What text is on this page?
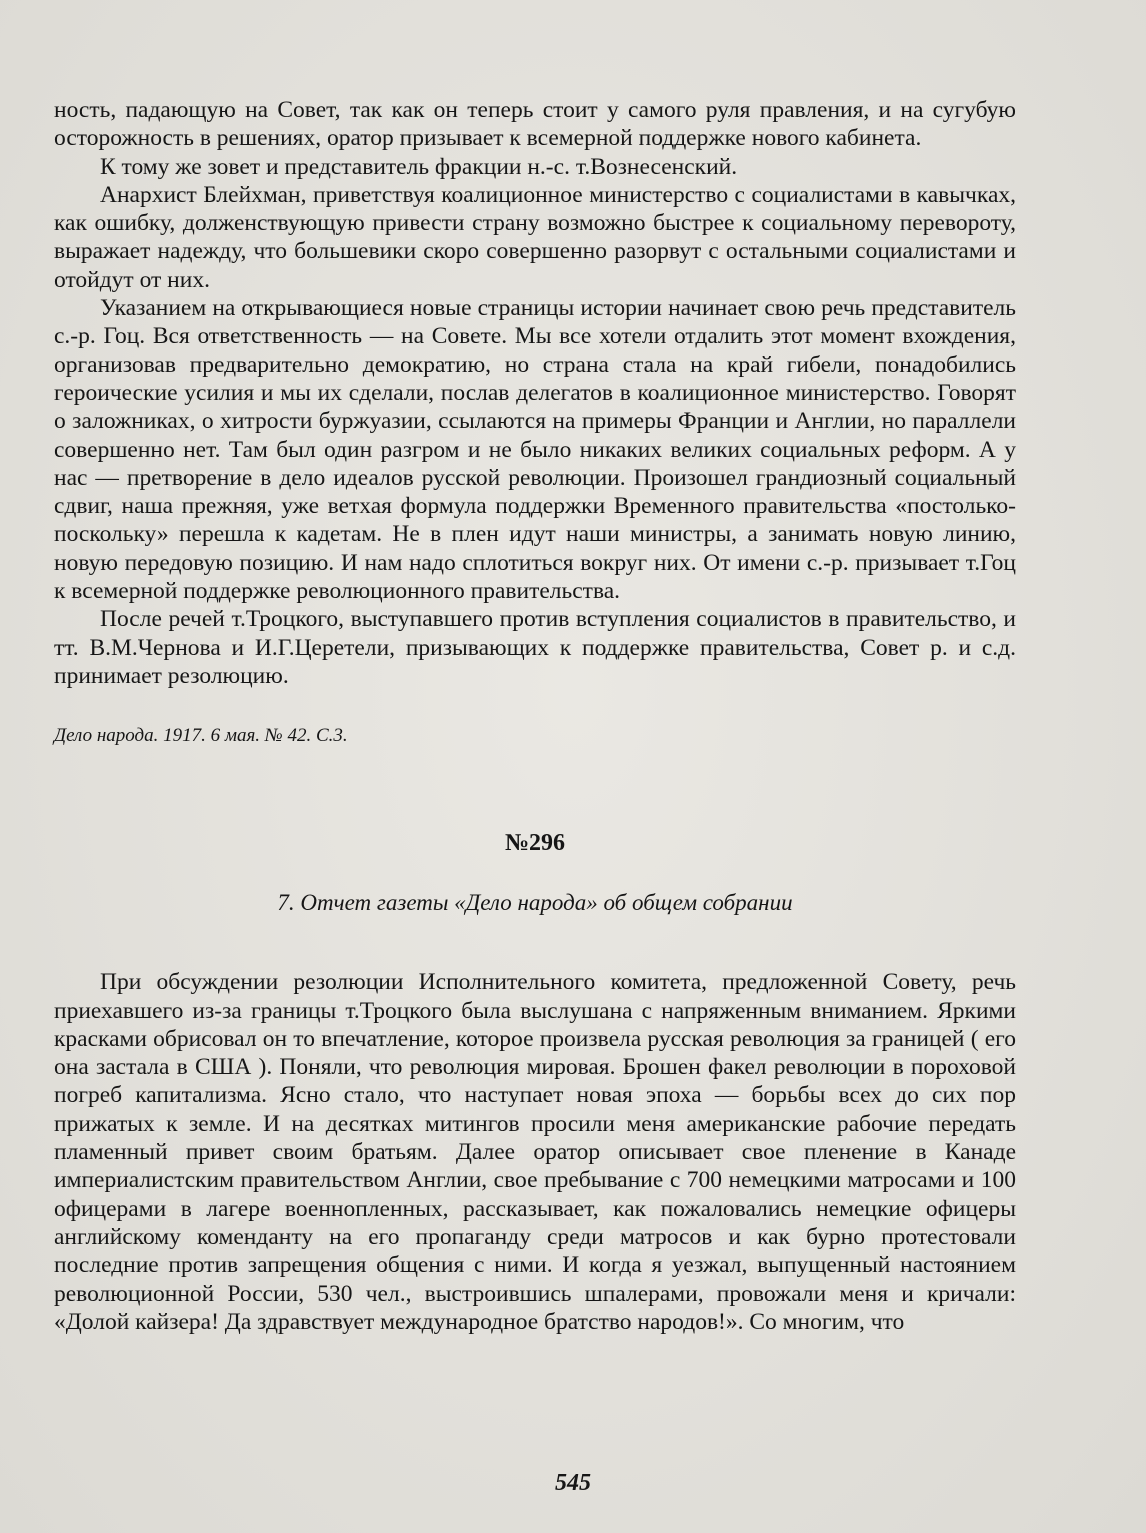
ность, падающую на Совет, так как он теперь стоит у самого руля правления, и на сугубую осторожность в решениях, оратор призывает к всемерной поддержке нового кабинета.

К тому же зовет и представитель фракции н.-с. т.Вознесенский.

Анархист Блейхман, приветствуя коалиционное министерство с социалистами в кавычках, как ошибку, долженствующую привести страну возможно быстрее к социальному перевороту, выражает надежду, что большевики скоро совершенно разорвут с остальными социалистами и отойдут от них.

Указанием на открывающиеся новые страницы истории начинает свою речь представитель с.-р. Гоц. Вся ответственность — на Совете. Мы все хотели отдалить этот момент вхождения, организовав предварительно демократию, но страна стала на край гибели, понадобились героические усилия и мы их сделали, послав делегатов в коалиционное министерство. Говорят о заложниках, о хитрости буржуазии, ссылаются на примеры Франции и Англии, но параллели совершенно нет. Там был один разгром и не было никаких великих социальных реформ. А у нас — претворение в дело идеалов русской революции. Произошел грандиозный социальный сдвиг, наша прежняя, уже ветхая формула поддержки Временного правительства «постолько-поскольку» перешла к кадетам. Не в плен идут наши министры, а занимать новую линию, новую передовую позицию. И нам надо сплотиться вокруг них. От имени с.-р. призывает т.Гоц к всемерной поддержке революционного правительства.

После речей т.Троцкого, выступавшего против вступления социалистов в правительство, и тт. В.М.Чернова и И.Г.Церетели, призывающих к поддержке правительства, Совет р. и с.д. принимает резолюцию.

Дело народа. 1917. 6 мая. № 42. С.3.

№296
7. Отчет газеты «Дело народа» об общем собрании

При обсуждении резолюции Исполнительного комитета, предложенной Совету, речь приехавшего из-за границы т.Троцкого была выслушана с напряженным вниманием. Яркими красками обрисовал он то впечатление, которое произвела русская революция за границей ( его она застала в США ). Поняли, что революция мировая. Брошен факел революции в пороховой погреб капитализма. Ясно стало, что наступает новая эпоха — борьбы всех до сих пор прижатых к земле. И на десятках митингов просили меня американские рабочие передать пламенный привет своим братьям. Далее оратор описывает свое пленение в Канаде империалистским правительством Англии, свое пребывание с 700 немецкими матросами и 100 офицерами в лагере военнопленных, рассказывает, как пожаловались немецкие офицеры английскому коменданту на его пропаганду среди матросов и как бурно протестовали последние против запрещения общения с ними. И когда я уезжал, выпущенный настоянием революционной России, 530 чел., выстроившись шпалерами, провожали меня и кричали: «Долой кайзера! Да здравствует международное братство народов!». Со многим, что

545
